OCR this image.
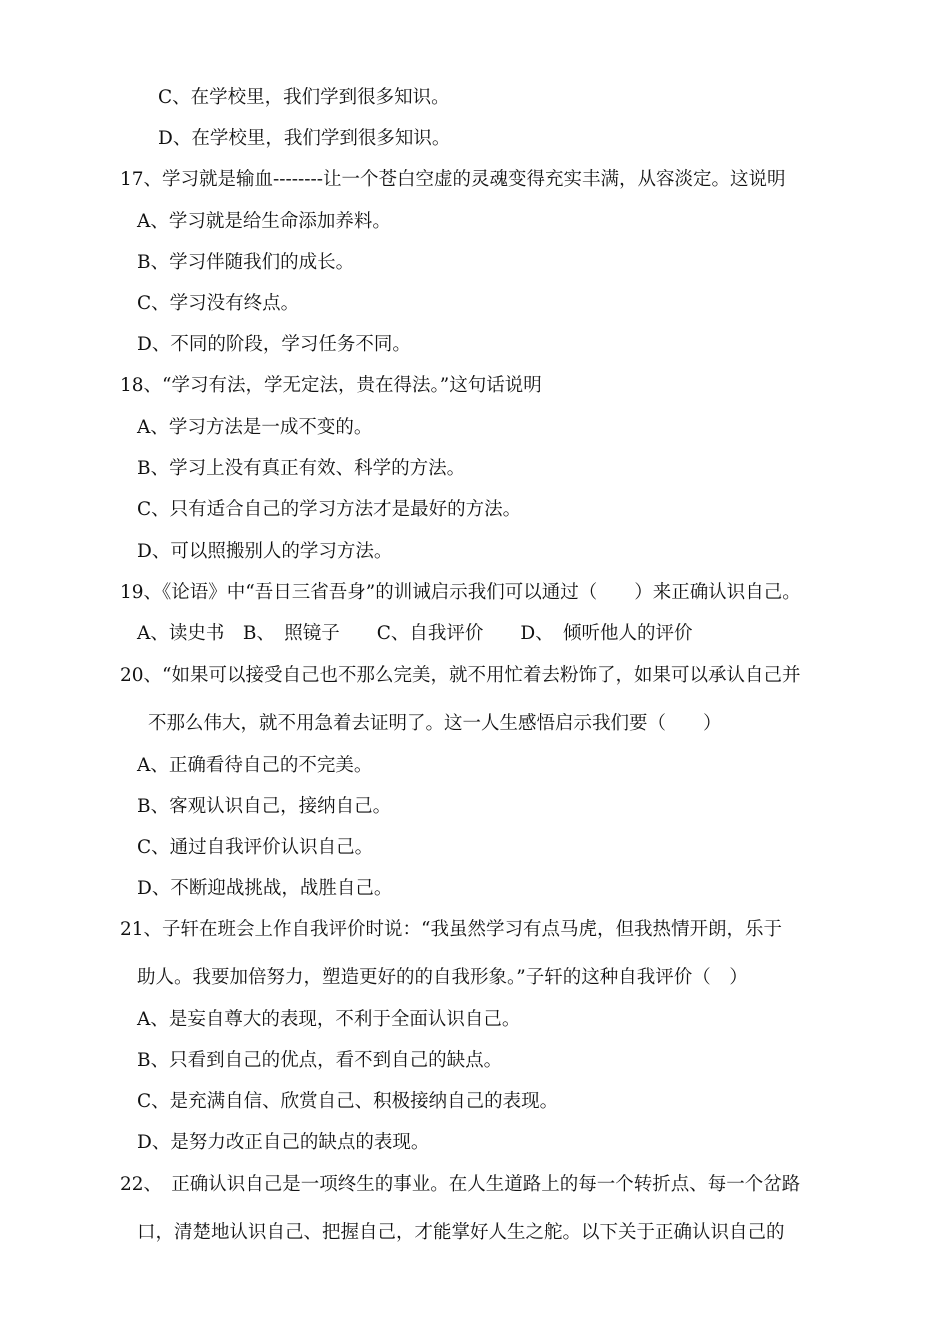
C、在学校里，我们学到很多知识。
D、在学校里，我们学到很多知识。
17、学习就是输血--------让一个苍白空虚的灵魂变得充实丰满，从容淡定。这说明
A、学习就是给生命添加养料。
B、学习伴随我们的成长。
C、学习没有终点。
D、不同的阶段，学习任务不同。
18、“学习有法，学无定法，贵在得法。”这句话说明
A、学习方法是一成不变的。
B、学习上没有真正有效、科学的方法。
C、只有适合自己的学习方法才是最好的方法。
D、可以照搬别人的学习方法。
19、《论语》中“吾日三省吾身”的训诫启示我们可以通过（　　）来正确认识自己。
A、读史书　B、　照镜子　　C、自我评价　　D、　倾听他人的评价
20、“如果可以接受自己也不那么完美，就不用忙着去粉饰了，如果可以承认自己并
不那么伟大，就不用急着去证明了。这一人生感悟启示我们要（　　）
A、正确看待自己的不完美。
B、客观认识自己，接纳自己。
C、通过自我评价认识自己。
D、不断迎战挑战，战胜自己。
21、子轩在班会上作自我评价时说：“我虽然学习有点马虎，但我热情开朗，乐于
助人。我要加倍努力，塑造更好的的自我形象。”子轩的这种自我评价（　）
A、是妄自尊大的表现，不利于全面认识自己。
B、只看到自己的优点，看不到自己的缺点。
C、是充满自信、欣赏自己、积极接纳自己的表现。
D、是努力改正自己的缺点的表现。
22、　正确认识自己是一项终生的事业。在人生道路上的每一个转折点、每一个岔路
口，清楚地认识自己、把握自己，才能掌好人生之舵。以下关于正确认识自己的
